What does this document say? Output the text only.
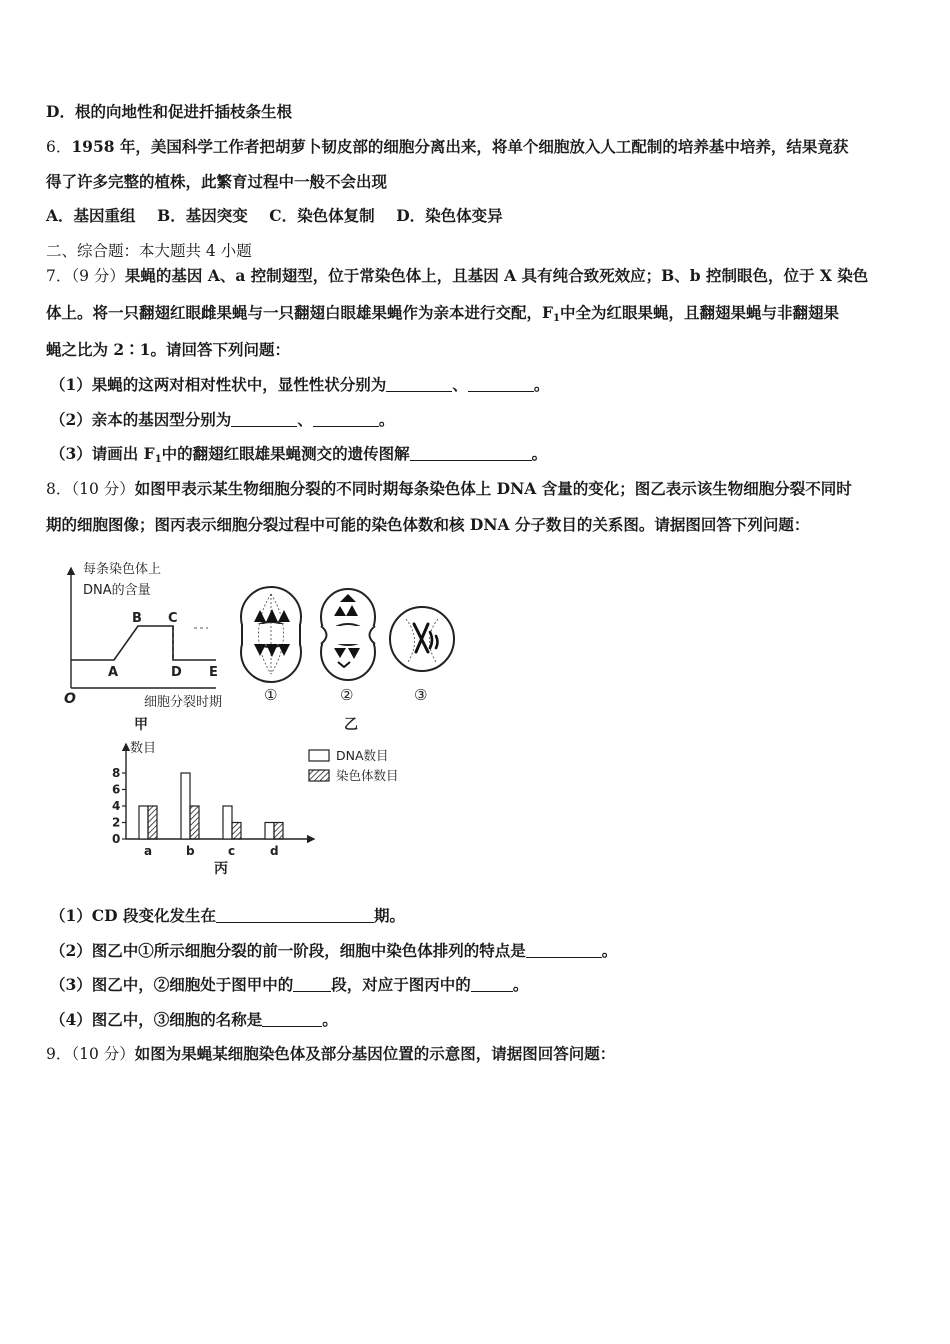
D．根的向地性和促进扦插枝条生根
6．1958 年，美国科学工作者把胡萝卜韧皮部的细胞分离出来，将单个细胞放入人工配制的培养基中培养，结果竟获
得了许多完整的植株，此繁育过程中一般不会出现
A．基因重组    B．基因突变    C．染色体复制    D．染色体变异
二、综合题：本大题共 4 小题
7．（9 分）果蝇的基因 A、a 控制翅型，位于常染色体上，且基因 A 具有纯合致死效应；B、b 控制眼色，位于 X 染色
体上。将一只翻翅红眼雌果蝇与一只翻翅白眼雄果蝇作为亲本进行交配，$F_1$中全为红眼果蝇，且翻翅果蝇与非翻翅果
蝇之比为 2∶1。请回答下列问题：
（1）果蝇的这两对相对性状中，显性性状分别为	、	。
（2）亲本的基因型分别为	、	。
（3）请画出 $F_1$中的翻翅红眼雄果蝇测交的遗传图解	。
8．（10 分）如图甲表示某生物细胞分裂的不同时期每条染色体上 DNA 含量的变化；图乙表示该生物细胞分裂不同时
期的细胞图像；图丙表示细胞分裂过程中可能的染色体数和核 DNA 分子数目的关系图。请据图回答下列问题：
每条染色体上
DNA的含量
O
A
B C
D E
细胞分裂时期
甲
①	②	③
乙
数目
丙
0
2
4
6
8
a	b	c	d
DNA数目
染色体数目
（1）CD 段变化发生在	期。
（2）图乙中①所示细胞分裂的前一阶段，细胞中染色体排列的特点是	。
（3）图乙中，②细胞处于图甲中的 段，对应于图丙中的	。
（4）图乙中，③细胞的名称是	。
9．（10 分）如图为果蝇某细胞染色体及部分基因位置的示意图，请据图回答问题：
